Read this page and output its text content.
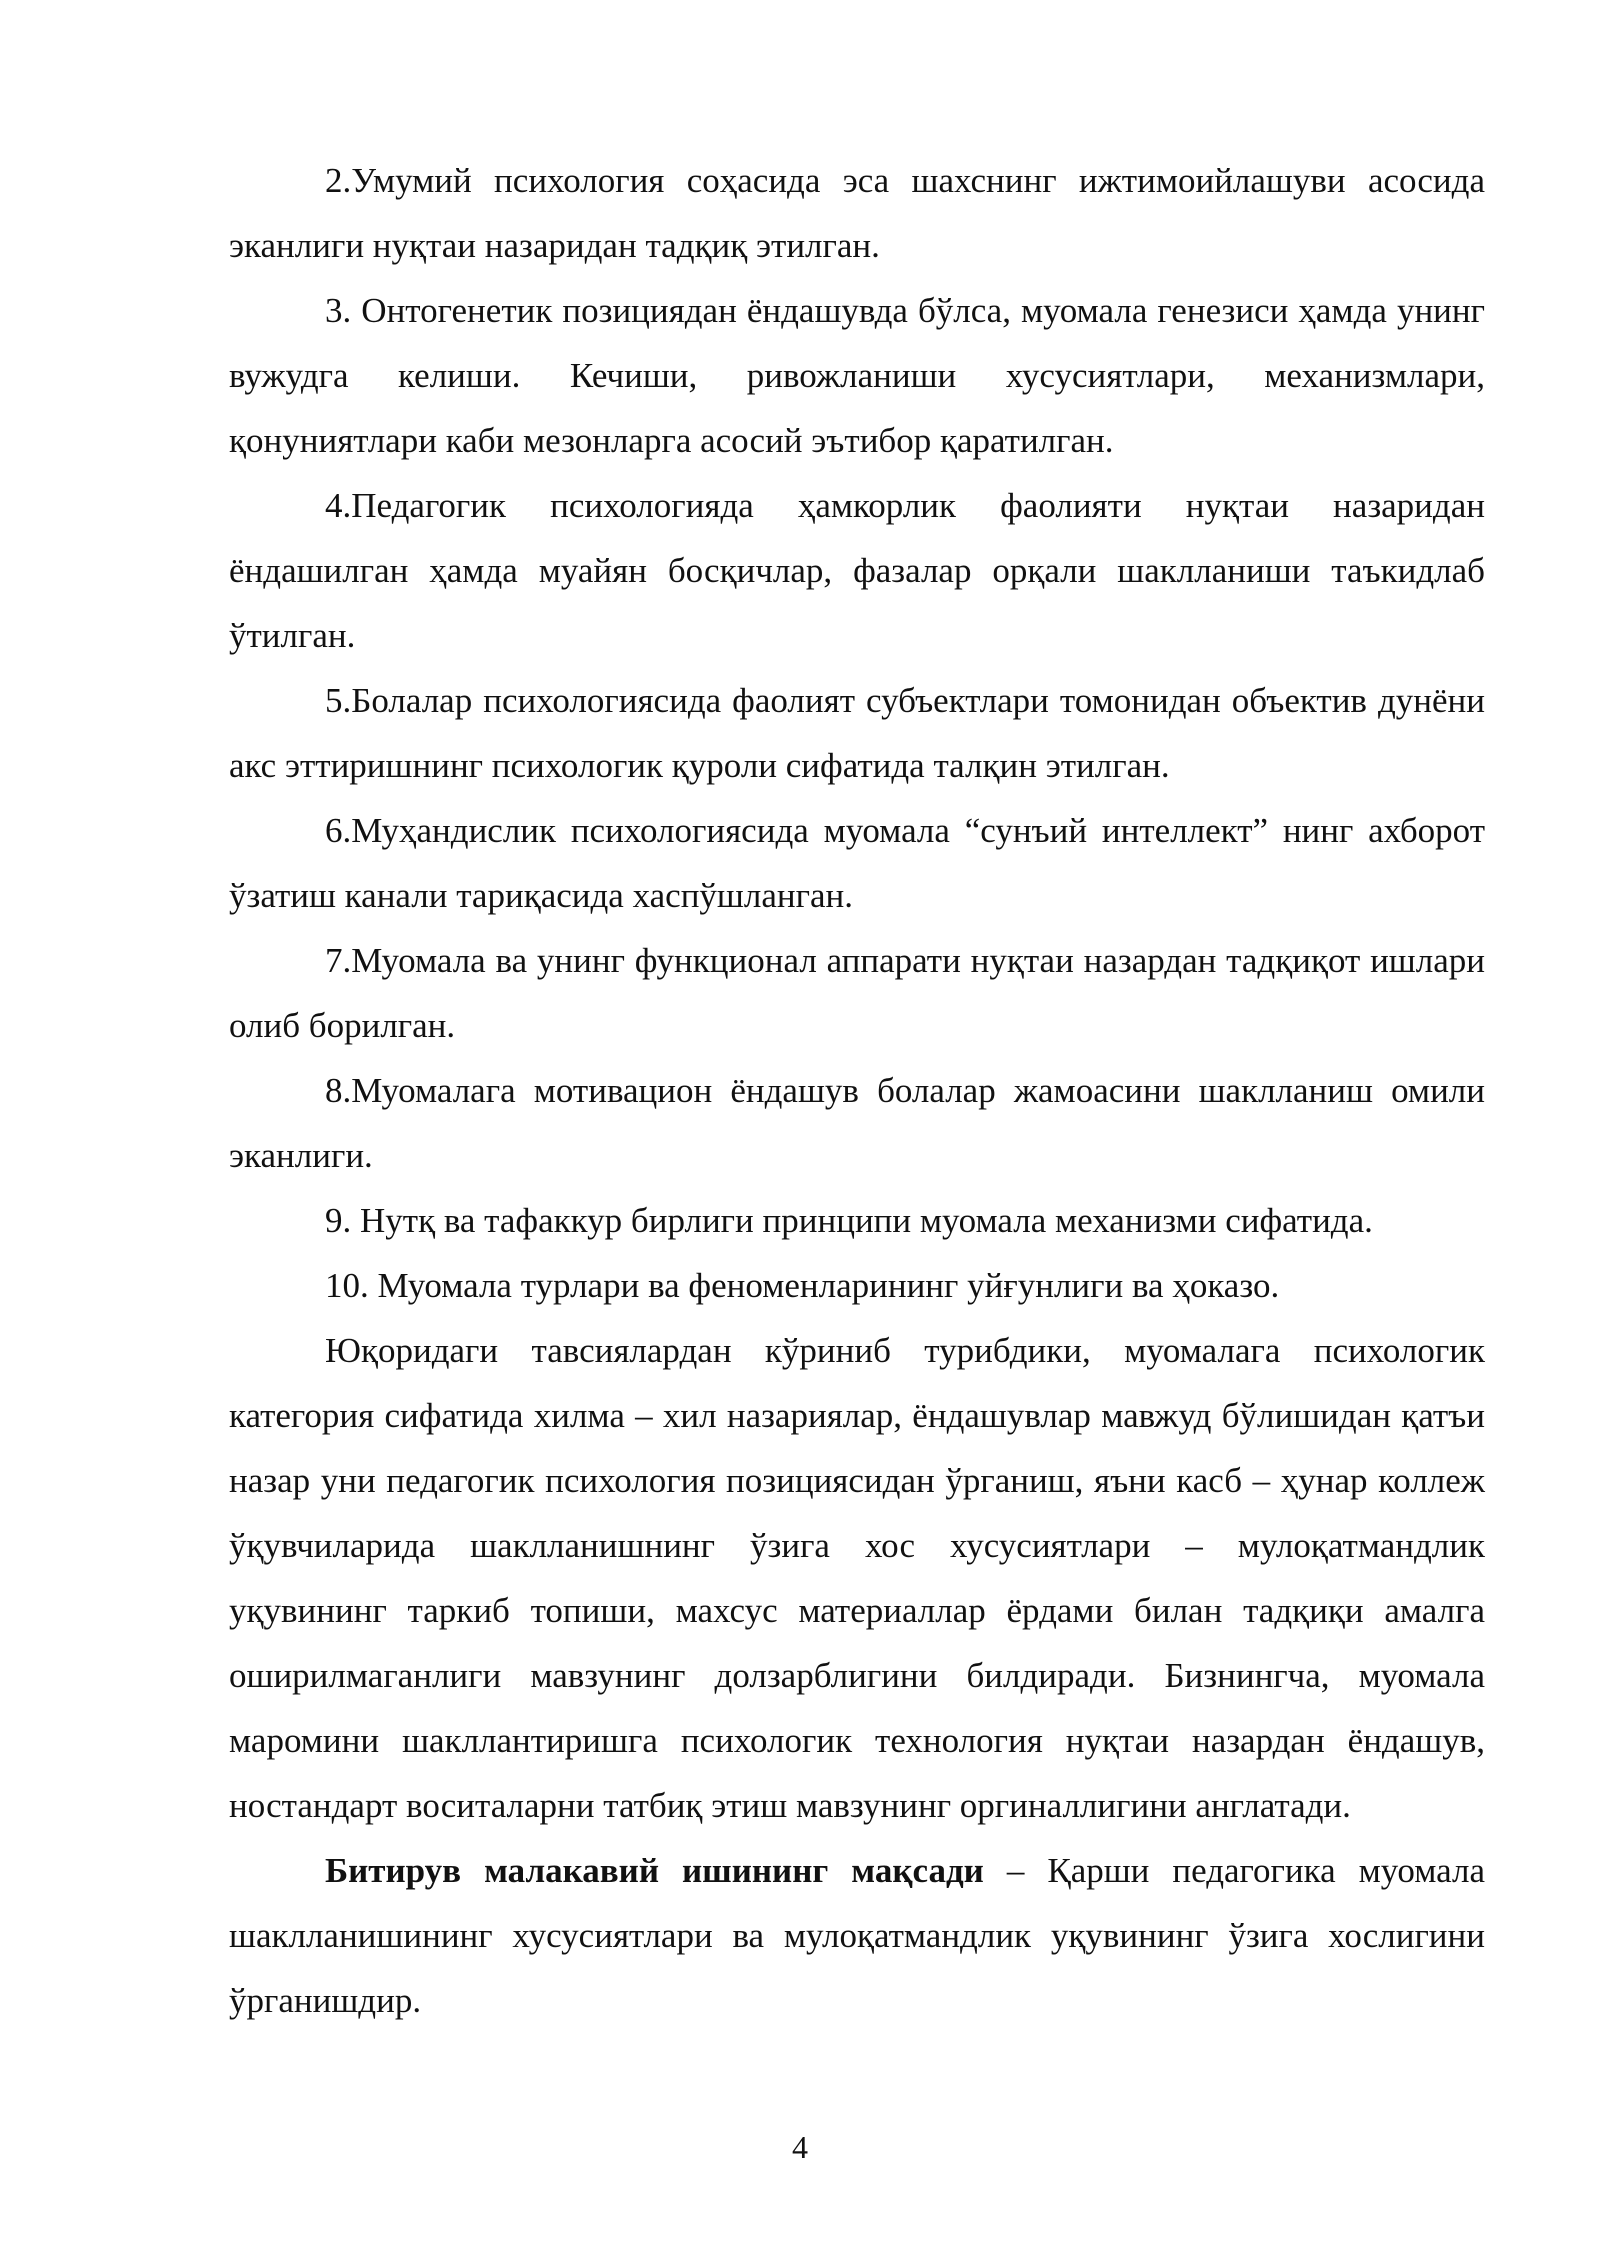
2.Умумий психология соҳасида эса шахснинг ижтимоийлашуви асосида эканлиги нуқтаи назаридан тадқиқ этилган.

3. Онтогенетик позициядан ёндашувда бўлса, муомала генезиси ҳамда унинг вужудга келиши. Кечиши, ривожланиши хусусиятлари, механизмлари, қонуниятлари каби мезонларга асосий эътибор қаратилган.

4.Педагогик психологияда ҳамкорлик фаолияти нуқтаи назаридан ёндашилган ҳамда муайян босқичлар, фазалар орқали шаклланиши таъкидлаб ўтилган.

5.Болалар психологиясида фаолият субъектлари томонидан объектив дунёни акс эттиришнинг психологик қуроли сифатида талқин этилган.

6.Муҳандислик психологиясида муомала “сунъий интеллект” нинг ахборот ўзатиш канали тариқасида хаспўшланган.

7.Муомала ва унинг функционал аппарати нуқтаи назардан тадқиқот ишлари олиб борилган.

8.Муомалага мотивацион ёндашув болалар жамоасини шаклланиш омили эканлиги.

9. Нутқ ва тафаккур бирлиги принципи муомала механизми сифатида.

10. Муомала турлари ва феноменларининг уйғунлиги ва ҳоказо.

Юқоридаги тавсиялардан кўриниб турибдики, муомалага психологик категория сифатида хилма – хил назариялар, ёндашувлар мавжуд бўлишидан қатъи назар уни педагогик психология позициясидан ўрганиш, яъни касб – ҳунар коллеж ўқувчиларида шаклланишнинг ўзига хос хусусиятлари – мулоқатмандлик уқувининг таркиб топиши, махсус материаллар ёрдами билан тадқиқи амалга оширилмаганлиги мавзунинг долзарблигини билдиради. Бизнингча, муомала маромини шакллантиришга психологик технология нуқтаи назардан ёндашув, ностандарт воситаларни татбиқ этиш мавзунинг оргиналлигини англатади.

Битирув малакавий ишининг мақсади – Қарши педагогика муомала шаклланишининг хусусиятлари ва мулоқатмандлик уқувининг ўзига хослигини ўрганишдир.

4
